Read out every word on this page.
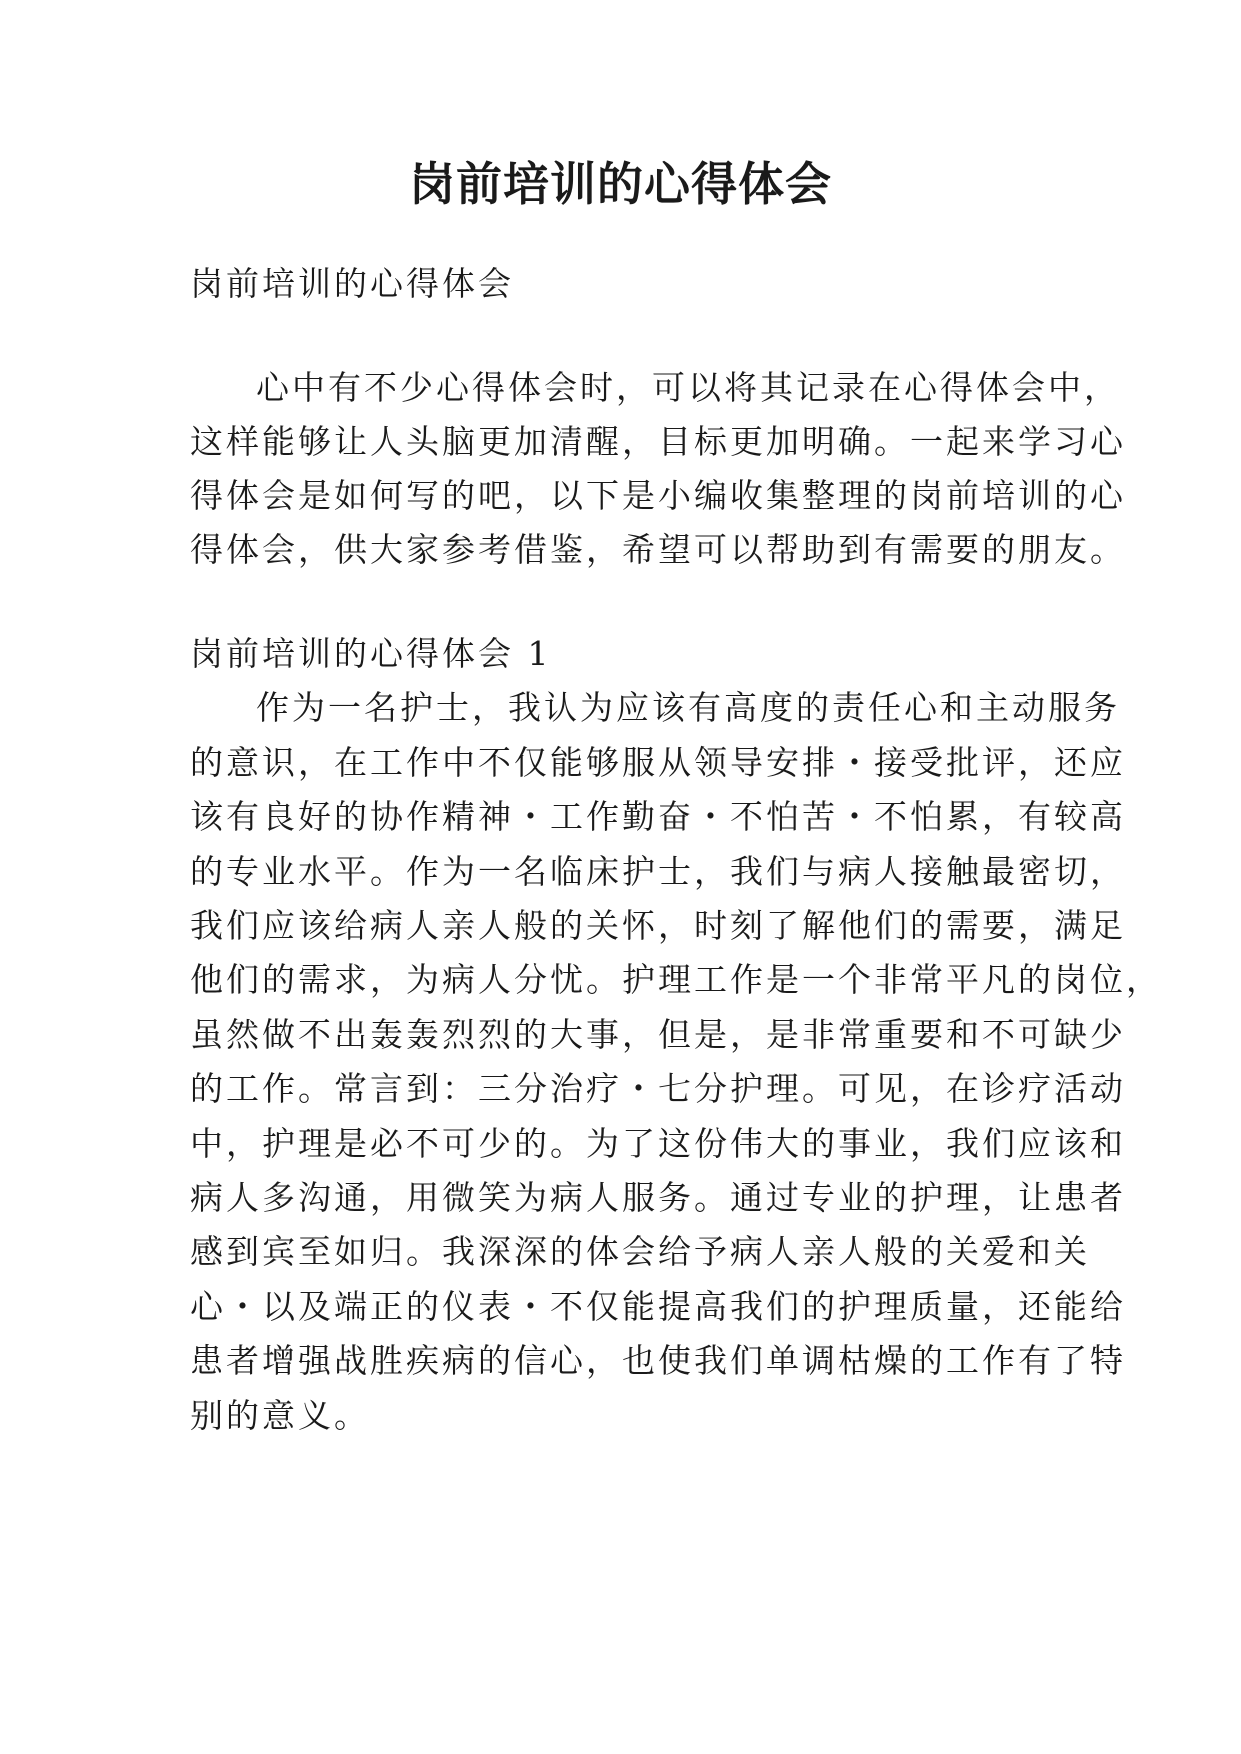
岗前培训的心得体会
岗前培训的心得体会
心中有不少心得体会时，可以将其记录在心得体会中，
这样能够让人头脑更加清醒，目标更加明确。一起来学习心
得体会是如何写的吧，以下是小编收集整理的岗前培训的心
得体会，供大家参考借鉴，希望可以帮助到有需要的朋友。
岗前培训的心得体会 1
作为一名护士，我认为应该有高度的责任心和主动服务
的意识，在工作中不仅能够服从领导安排・接受批评，还应
该有良好的协作精神・工作勤奋・不怕苦・不怕累，有较高
的专业水平。作为一名临床护士，我们与病人接触最密切，
我们应该给病人亲人般的关怀，时刻了解他们的需要，满足
他们的需求，为病人分忧。护理工作是一个非常平凡的岗位，
虽然做不出轰轰烈烈的大事，但是，是非常重要和不可缺少
的工作。常言到：三分治疗・七分护理。可见，在诊疗活动
中，护理是必不可少的。为了这份伟大的事业，我们应该和
病人多沟通，用微笑为病人服务。通过专业的护理，让患者
感到宾至如归。我深深的体会给予病人亲人般的关爱和关
心・以及端正的仪表・不仅能提高我们的护理质量，还能给
患者增强战胜疾病的信心，也使我们单调枯燥的工作有了特
别的意义。
